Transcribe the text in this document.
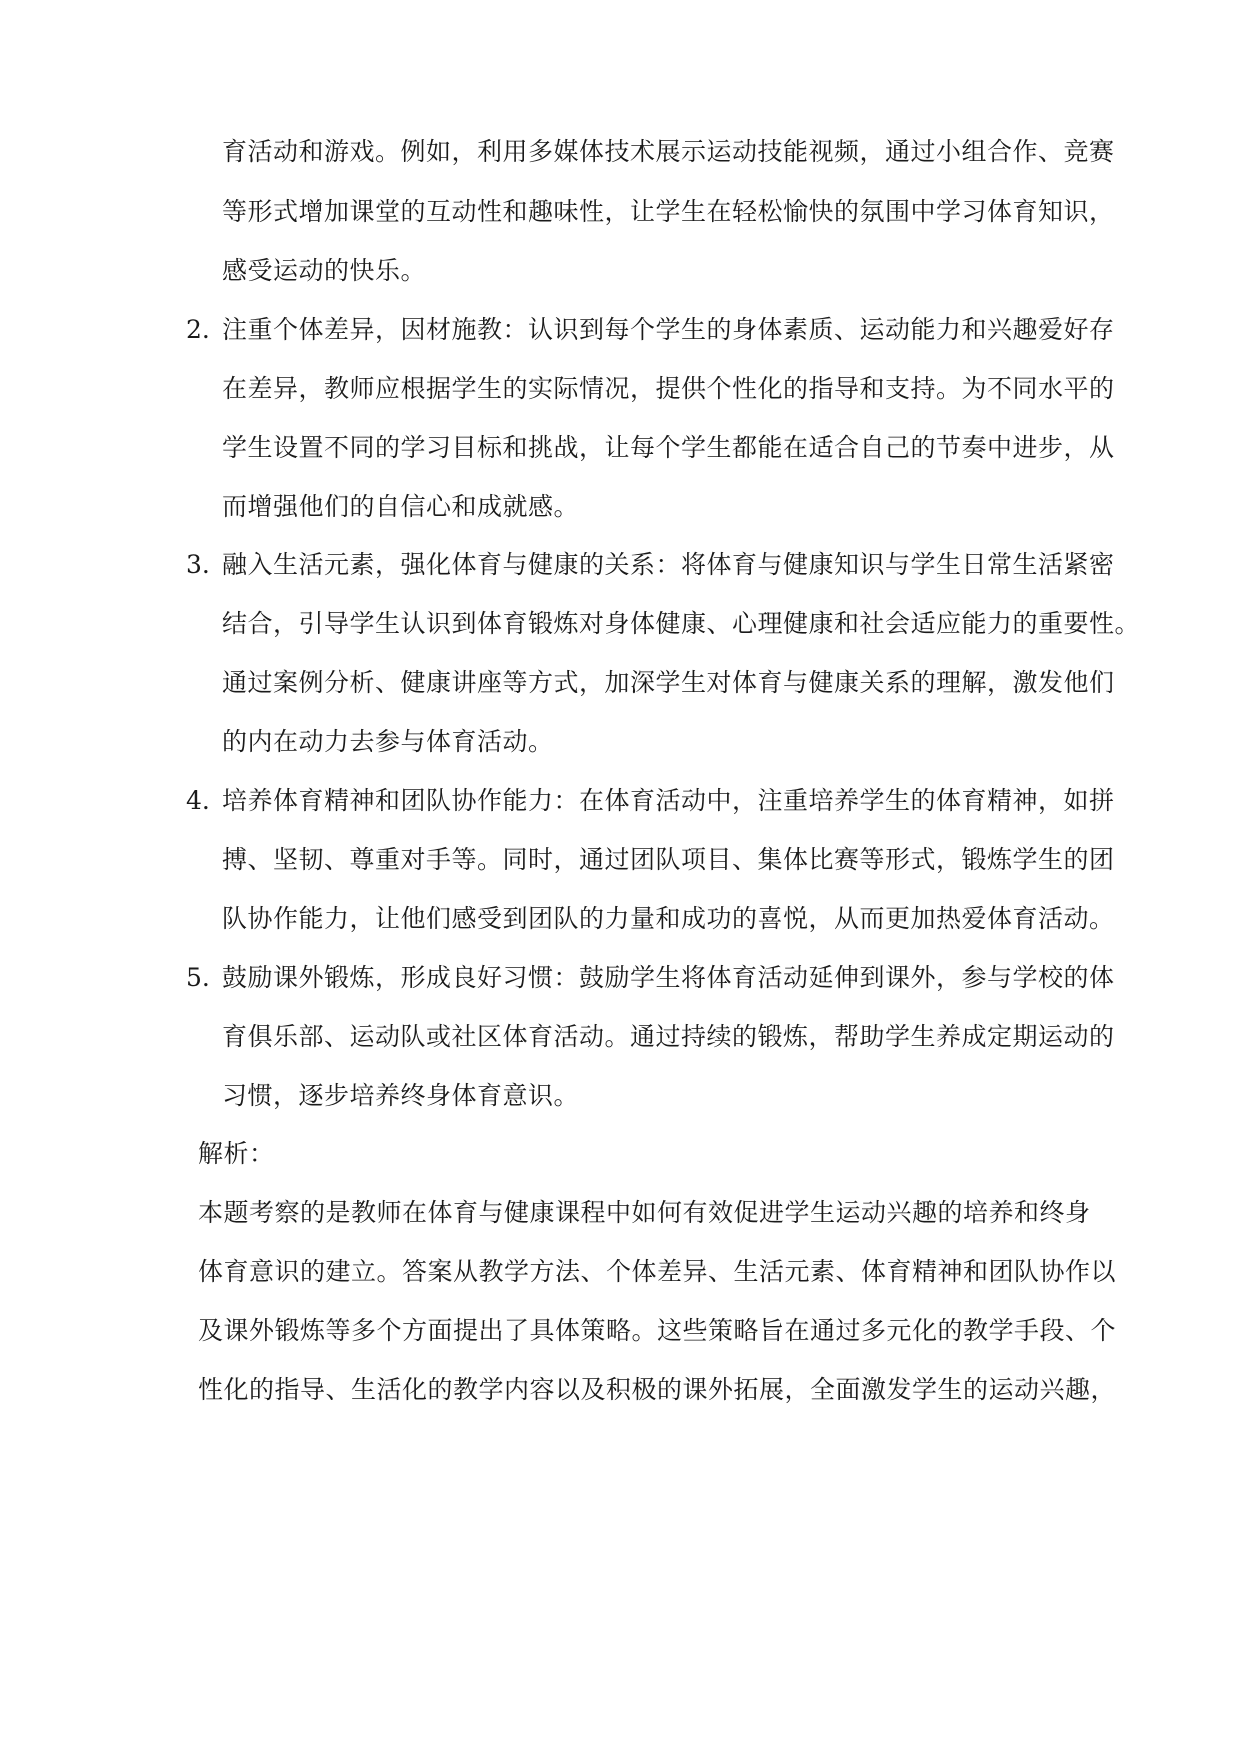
育活动和游戏。例如，利用多媒体技术展示运动技能视频，通过小组合作、竞赛
等形式增加课堂的互动性和趣味性，让学生在轻松愉快的氛围中学习体育知识，
感受运动的快乐。
2. 注重个体差异，因材施教：认识到每个学生的身体素质、运动能力和兴趣爱好存
在差异，教师应根据学生的实际情况，提供个性化的指导和支持。为不同水平的
学生设置不同的学习目标和挑战，让每个学生都能在适合自己的节奏中进步，从
而增强他们的自信心和成就感。
3. 融入生活元素，强化体育与健康的关系：将体育与健康知识与学生日常生活紧密
结合，引导学生认识到体育锻炼对身体健康、心理健康和社会适应能力的重要性。
通过案例分析、健康讲座等方式，加深学生对体育与健康关系的理解，激发他们
的内在动力去参与体育活动。
4. 培养体育精神和团队协作能力：在体育活动中，注重培养学生的体育精神，如拼
搏、坚韧、尊重对手等。同时，通过团队项目、集体比赛等形式，锻炼学生的团
队协作能力，让他们感受到团队的力量和成功的喜悦，从而更加热爱体育活动。
5. 鼓励课外锻炼，形成良好习惯：鼓励学生将体育活动延伸到课外，参与学校的体
育俱乐部、运动队或社区体育活动。通过持续的锻炼，帮助学生养成定期运动的
习惯，逐步培养终身体育意识。
解析：
本题考察的是教师在体育与健康课程中如何有效促进学生运动兴趣的培养和终身
体育意识的建立。答案从教学方法、个体差异、生活元素、体育精神和团队协作以
及课外锻炼等多个方面提出了具体策略。这些策略旨在通过多元化的教学手段、个
性化的指导、生活化的教学内容以及积极的课外拓展，全面激发学生的运动兴趣，
